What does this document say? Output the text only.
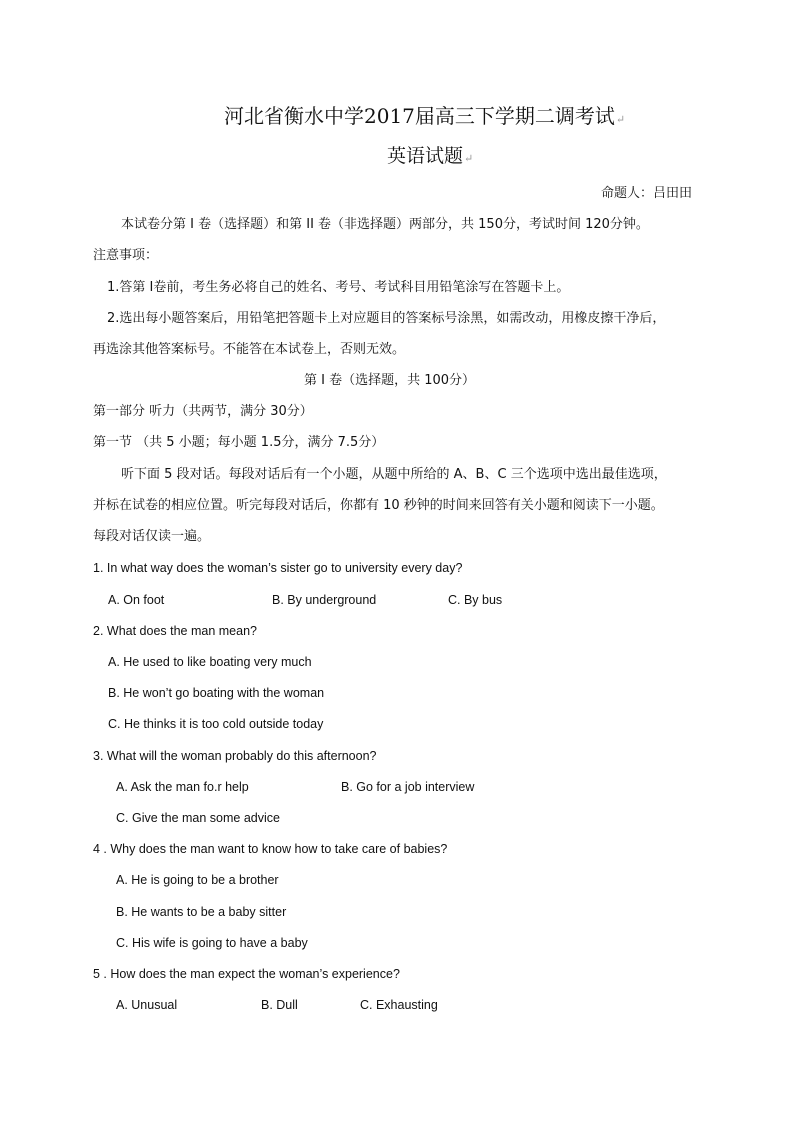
河北省衡水中学2017届高三下学期二调考试↵
英语试题↵
命题人：吕田田
本试卷分第 I 卷（选择题）和第 II 卷（非选择题）两部分，共 150分，考试时间 120分钟。
注意事项：
1.答第 I卷前，考生务必将自己的姓名、考号、考试科目用铅笔涂写在答题卡上。
2.选出每小题答案后，用铅笔把答题卡上对应题目的答案标号涂黑，如需改动，用橡皮擦干净后，
再选涂其他答案标号。不能答在本试卷上，否则无效。
第 I 卷（选择题，共 100分）
第一部分 听力（共两节，满分 30分）
第一节 （共 5 小题；每小题 1.5分，满分 7.5分）
听下面 5 段对话。每段对话后有一个小题，从题中所给的 A、B、C 三个选项中选出最佳选项，
并标在试卷的相应位置。听完每段对话后，你都有 10 秒钟的时间来回答有关小题和阅读下一小题。
每段对话仅读一遍。
1. In what way does the woman’s sister go to university every day?
A. On foot	B. By underground	C. By bus
2. What does the man mean?
A. He used to like boating very much
B. He won’t go boating with the woman
C. He thinks it is too cold outside today
3. What will the woman probably do this afternoon?
A. Ask the man fo.r help	B. Go for a job interview
C. Give the man some advice
4 . Why does the man want to know how to take care of babies?
A. He is going to be a brother
B. He wants to be a baby sitter
C. His wife is going to have a baby
5 . How does the man expect the woman’s experience?
A. Unusual	B. Dull	C. Exhausting
